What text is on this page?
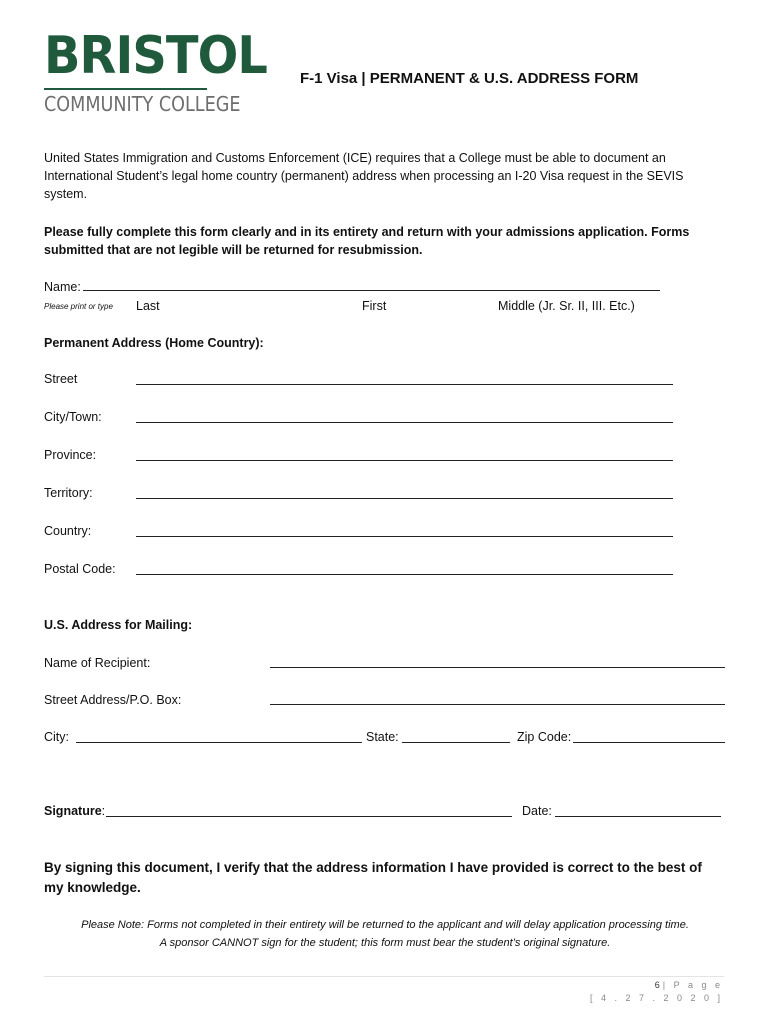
BRISTOL
COMMUNITY COLLEGE
F-1 Visa | PERMANENT & U.S. ADDRESS FORM
United States Immigration and Customs Enforcement (ICE) requires that a College must be able to document an International Student’s legal home country (permanent) address when processing an I-20 Visa request in the SEVIS system.
Please fully complete this form clearly and in its entirety and return with your admissions application. Forms submitted that are not legible will be returned for resubmission.
Name:
Please print or type Last	First	Middle (Jr. Sr. II, III. Etc.)
Permanent Address (Home Country):
Street
City/Town:
Province:
Territory:
Country:
Postal Code:
U.S. Address for Mailing:
Name of Recipient:
Street Address/P.O. Box:
City:	State:	Zip Code:
Signature:	Date:
By signing this document, I verify that the address information I have provided is correct to the best of my knowledge.
Please Note: Forms not completed in their entirety will be returned to the applicant and will delay application processing time.
A sponsor CANNOT sign for the student; this form must bear the student’s original signature.
6| P a g e
[ 4 . 2 7 . 2 0 2 0 ]
